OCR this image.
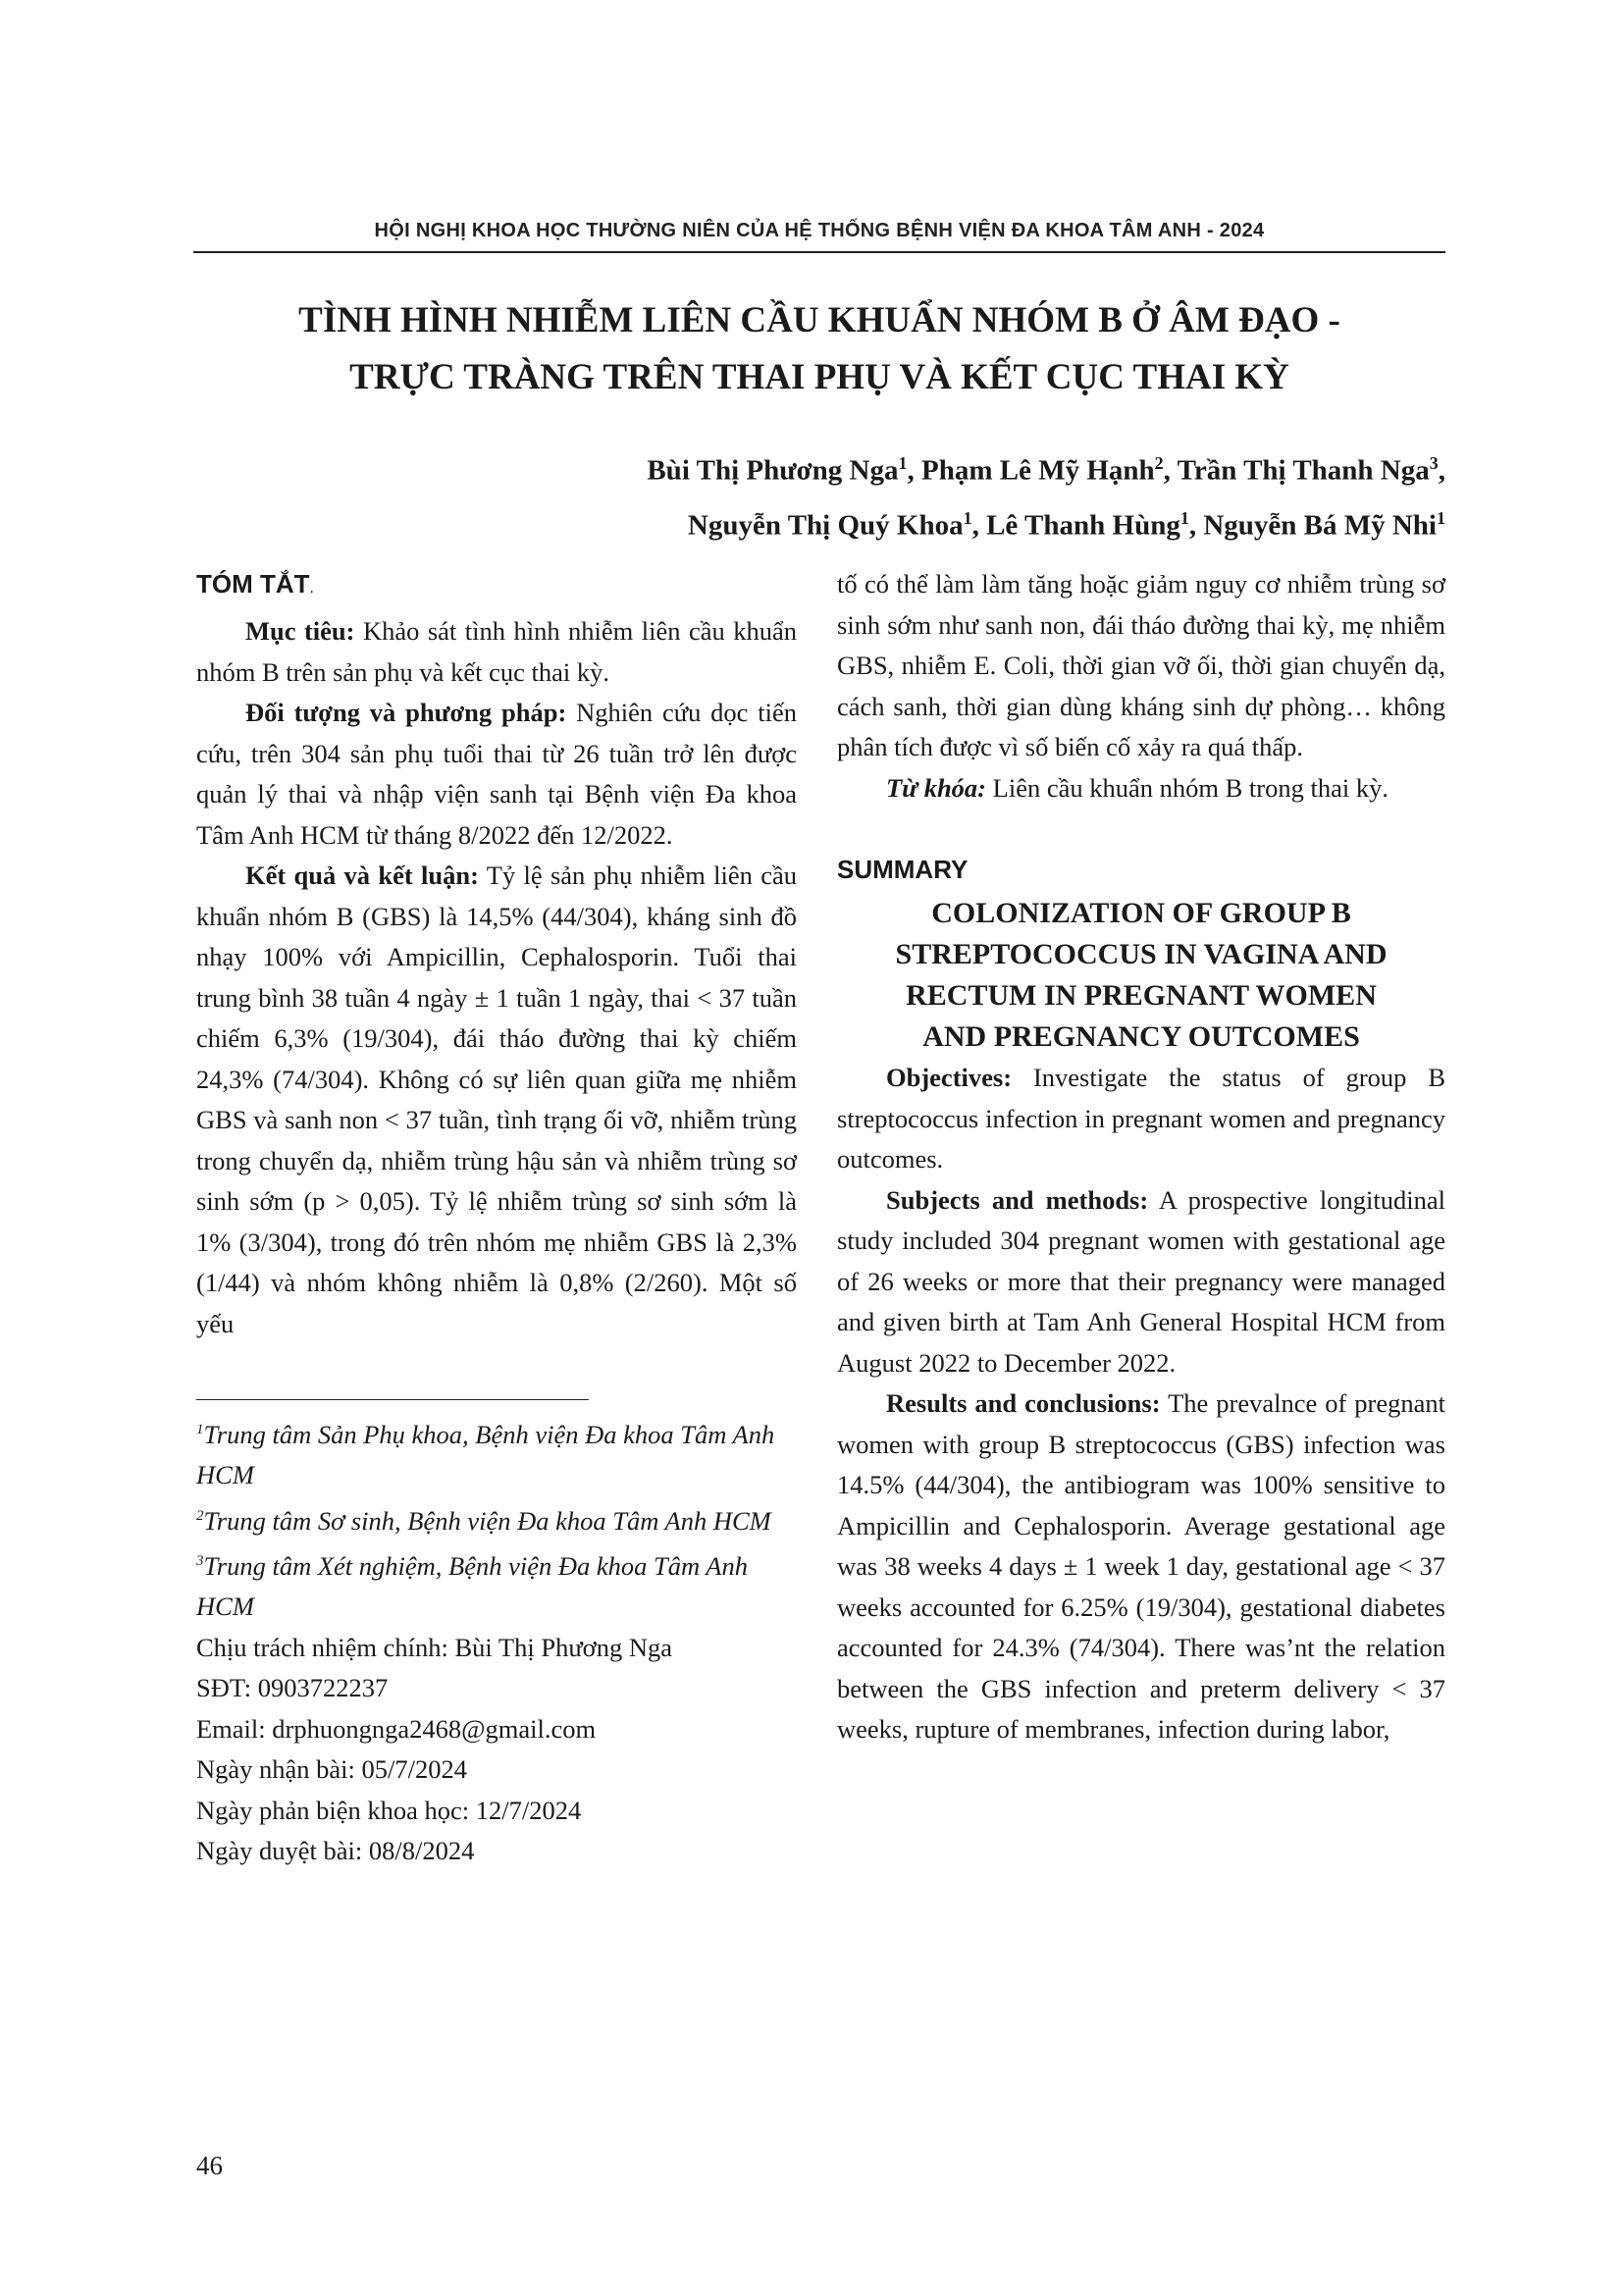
HỘI NGHỊ KHOA HỌC THƯỜNG NIÊN CỦA HỆ THỐNG BỆNH VIỆN ĐA KHOA TÂM ANH - 2024
TÌNH HÌNH NHIỄM LIÊN CẦU KHUẨN NHÓM B Ở ÂM ĐẠO -
TRỰC TRÀNG TRÊN THAI PHỤ VÀ KẾT CỤC THAI KỲ
Bùi Thị Phương Nga$^1$, Phạm Lê Mỹ Hạnh$^2$, Trần Thị Thanh Nga$^3$,
Nguyễn Thị Quý Khoa$^1$, Lê Thanh Hùng$^1$, Nguyễn Bá Mỹ Nhi$^1$
TÓM TẮT.

Mục tiêu: Khảo sát tình hình nhiễm liên cầu khuẩn nhóm B trên sản phụ và kết cục thai kỳ.

Đối tượng và phương pháp: Nghiên cứu dọc tiến cứu, trên 304 sản phụ tuổi thai từ 26 tuần trở lên được quản lý thai và nhập viện sanh tại Bệnh viện Đa khoa Tâm Anh HCM từ tháng 8/2022 đến 12/2022.

Kết quả và kết luận: Tỷ lệ sản phụ nhiễm liên cầu khuẩn nhóm B (GBS) là 14,5% (44/304), kháng sinh đồ nhạy 100% với Ampicillin, Cephalosporin. Tuổi thai trung bình 38 tuần 4 ngày ± 1 tuần 1 ngày, thai < 37 tuần chiếm 6,3% (19/304), đái tháo đường thai kỳ chiếm 24,3% (74/304). Không có sự liên quan giữa mẹ nhiễm GBS và sanh non < 37 tuần, tình trạng ối vỡ, nhiễm trùng trong chuyển dạ, nhiễm trùng hậu sản và nhiễm trùng sơ sinh sớm (p > 0,05). Tỷ lệ nhiễm trùng sơ sinh sớm là 1% (3/304), trong đó trên nhóm mẹ nhiễm GBS là 2,3% (1/44) và nhóm không nhiễm là 0,8% (2/260). Một số yếu

$^1$Trung tâm Sản Phụ khoa, Bệnh viện Đa khoa Tâm Anh HCM

$^2$Trung tâm Sơ sinh, Bệnh viện Đa khoa Tâm Anh HCM

$^3$Trung tâm Xét nghiệm, Bệnh viện Đa khoa Tâm Anh HCM

Chịu trách nhiệm chính: Bùi Thị Phương Nga

SĐT: 0903722237

Email: drphuongnga2468@gmail.com

Ngày nhận bài: 05/7/2024

Ngày phản biện khoa học: 12/7/2024

Ngày duyệt bài: 08/8/2024

tố có thể làm làm tăng hoặc giảm nguy cơ nhiễm trùng sơ sinh sớm như sanh non, đái tháo đường thai kỳ, mẹ nhiễm GBS, nhiễm E. Coli, thời gian vỡ ối, thời gian chuyển dạ, cách sanh, thời gian dùng kháng sinh dự phòng… không phân tích được vì số biến cố xảy ra quá thấp.

Từ khóa: Liên cầu khuẩn nhóm B trong thai kỳ.

SUMMARY
COLONIZATION OF GROUP B
STREPTOCOCCUS IN VAGINA AND
RECTUM IN PREGNANT WOMEN
AND PREGNANCY OUTCOMES

Objectives: Investigate the status of group B streptococcus infection in pregnant women and pregnancy outcomes.

Subjects and methods: A prospective longitudinal study included 304 pregnant women with gestational age of 26 weeks or more that their pregnancy were managed and given birth at Tam Anh General Hospital HCM from August 2022 to December 2022.

Results and conclusions: The prevalnce of pregnant women with group B streptococcus (GBS) infection was 14.5% (44/304), the antibiogram was 100% sensitive to Ampicillin and Cephalosporin. Average gestational age was 38 weeks 4 days ± 1 week 1 day, gestational age < 37 weeks accounted for 6.25% (19/304), gestational diabetes accounted for 24.3% (74/304). There was’nt the relation between the GBS infection and preterm delivery < 37 weeks, rupture of membranes, infection during labor,

46
